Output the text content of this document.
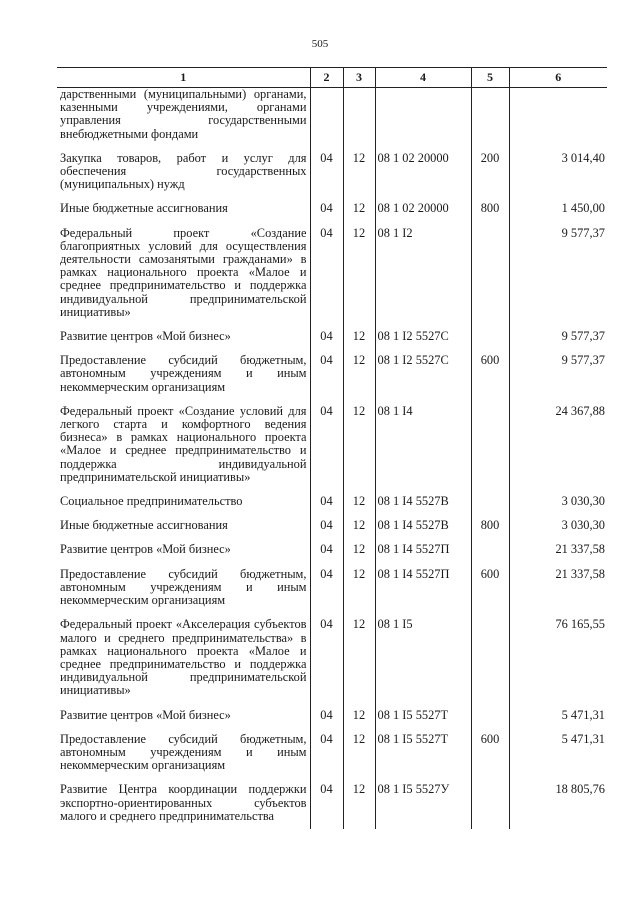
505
1	2	3	4	5	6
дарственными (муниципальными) органами, казенными учреждениями, органами управления государственными внебюджетными фондами					
Закупка товаров, работ и услуг для обеспечения государственных (муниципальных) нужд	04	12	08 1 02 20000	200	3 014,40
Иные бюджетные ассигнования	04	12	08 1 02 20000	800	1 450,00
Федеральный проект «Создание благоприятных условий для осуществления деятельности самозанятыми гражданами» в рамках национального проекта «Малое и среднее предпринимательство и поддержка индивидуальной предпринимательской инициативы»	04	12	08 1 I2		9 577,37
Развитие центров «Мой бизнес»	04	12	08 1 I2 5527С		9 577,37
Предоставление субсидий бюджетным, автономным учреждениям и иным некоммерческим организациям	04	12	08 1 I2 5527С	600	9 577,37
Федеральный проект «Создание условий для легкого старта и комфортного ведения бизнеса» в рамках национального проекта «Малое и среднее предпринимательство и поддержка индивидуальной предпринимательской инициативы»	04	12	08 1 I4		24 367,88
Социальное предпринимательство	04	12	08 1 I4 5527В		3 030,30
Иные бюджетные ассигнования	04	12	08 1 I4 5527В	800	3 030,30
Развитие центров «Мой бизнес»	04	12	08 1 I4 5527П		21 337,58
Предоставление субсидий бюджетным, автономным учреждениям и иным некоммерческим организациям	04	12	08 1 I4 5527П	600	21 337,58
Федеральный проект «Акселерация субъектов малого и среднего предпринимательства» в рамках национального проекта «Малое и среднее предпринимательство и поддержка индивидуальной предпринимательской инициативы»	04	12	08 1 I5		76 165,55
Развитие центров «Мой бизнес»	04	12	08 1 I5 5527Т		5 471,31
Предоставление субсидий бюджетным, автономным учреждениям и иным некоммерческим организациям	04	12	08 1 I5 5527Т	600	5 471,31
Развитие Центра координации поддержки экспортно-ориентированных субъектов малого и среднего предпринимательства	04	12	08 1 I5 5527У		18 805,76
